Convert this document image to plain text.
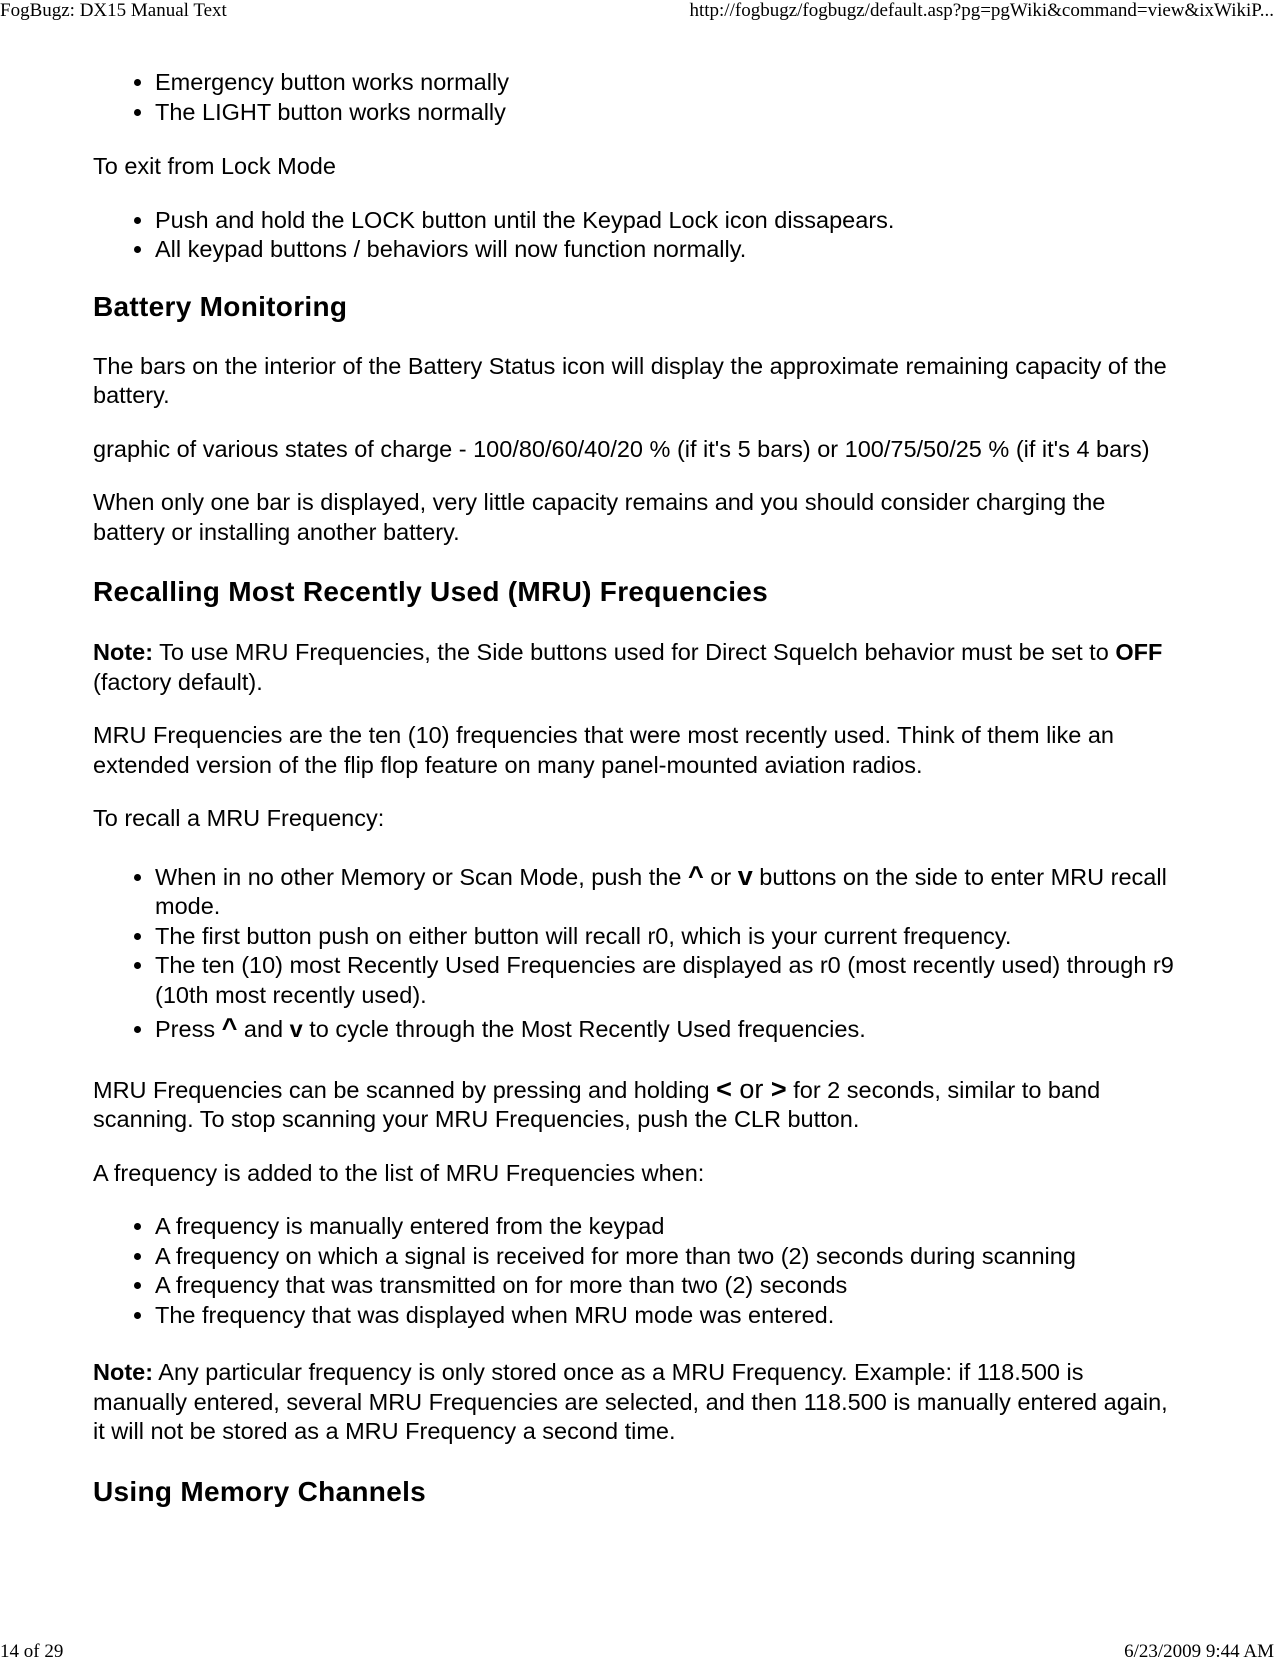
FogBugz: DX15 Manual Text	http://fogbugz/fogbugz/default.asp?pg=pgWiki&command=view&ixWikiP...
• Emergency button works normally
• The LIGHT button works normally

To exit from Lock Mode

• Push and hold the LOCK button until the Keypad Lock icon dissapears.
• All keypad buttons / behaviors will now function normally.
Battery Monitoring

The bars on the interior of the Battery Status icon will display the approximate remaining capacity of the battery.

graphic of various states of charge - 100/80/60/40/20 % (if it's 5 bars) or 100/75/50/25 % (if it's 4 bars)

When only one bar is displayed, very little capacity remains and you should consider charging the battery or installing another battery.

Recalling Most Recently Used (MRU) Frequencies

Note: To use MRU Frequencies, the Side buttons used for Direct Squelch behavior must be set to OFF (factory default).

MRU Frequencies are the ten (10) frequencies that were most recently used. Think of them like an extended version of the flip flop feature on many panel-mounted aviation radios.

To recall a MRU Frequency:

• When in no other Memory or Scan Mode, push the ^ or v buttons on the side to enter MRU recall mode.
• The first button push on either button will recall r0, which is your current frequency.
• The ten (10) most Recently Used Frequencies are displayed as r0 (most recently used) through r9 (10th most recently used).
• Press ^ and v to cycle through the Most Recently Used frequencies.

MRU Frequencies can be scanned by pressing and holding < or > for 2 seconds, similar to band scanning. To stop scanning your MRU Frequencies, push the CLR button.

A frequency is added to the list of MRU Frequencies when:

• A frequency is manually entered from the keypad
• A frequency on which a signal is received for more than two (2) seconds during scanning
• A frequency that was transmitted on for more than two (2) seconds
• The frequency that was displayed when MRU mode was entered.

Note: Any particular frequency is only stored once as a MRU Frequency. Example: if 118.500 is manually entered, several MRU Frequencies are selected, and then 118.500 is manually entered again, it will not be stored as a MRU Frequency a second time.

Using Memory Channels
14 of 29	6/23/2009 9:44 AM
